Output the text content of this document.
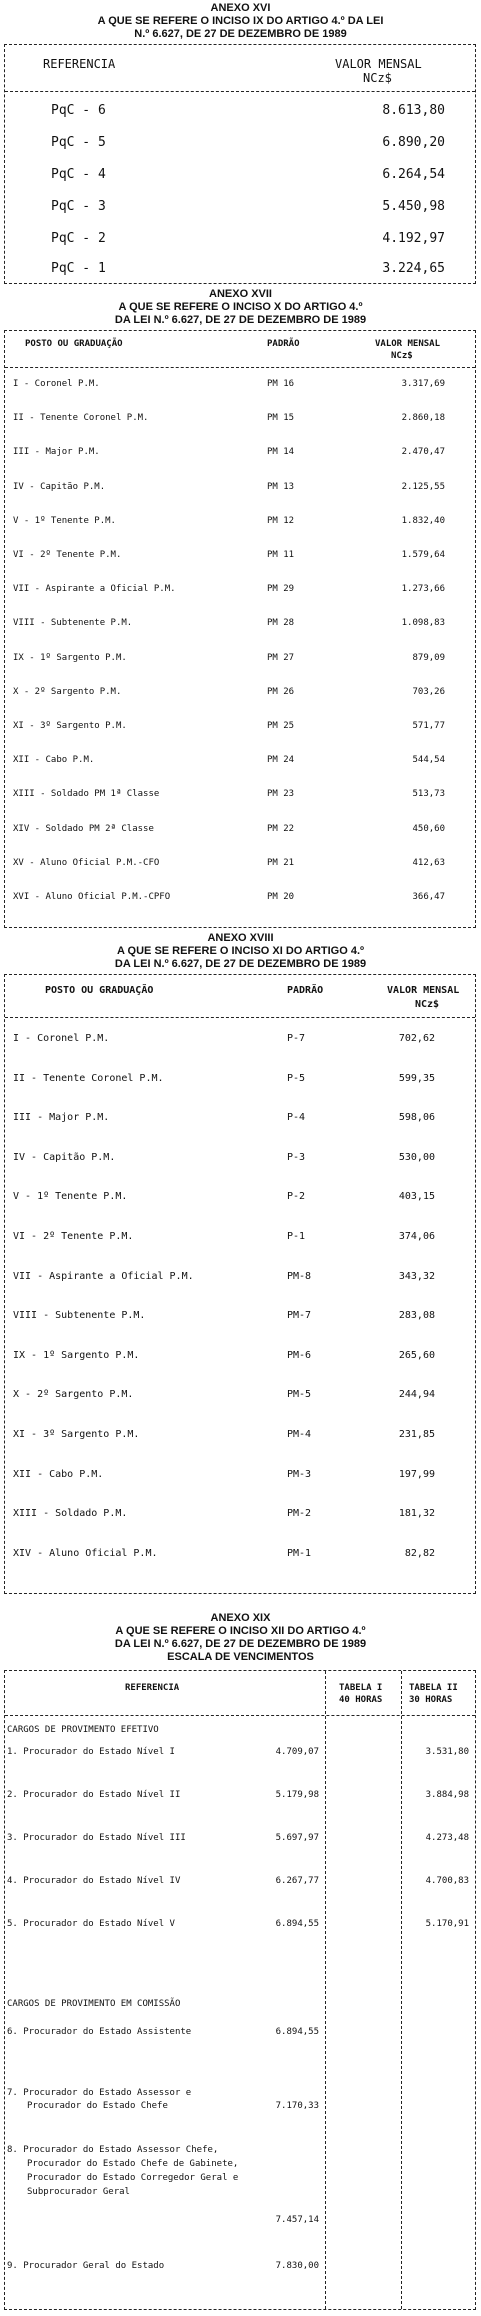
ANEXO XVI
A QUE SE REFERE O INCISO IX DO ARTIGO 4.º DA LEI
N.º 6.627, DE 27 DE DEZEMBRO DE 1989
REFERENCIA	VALOR MENSAL
NCz$
PqC - 6	8.613,80
PqC - 5	6.890,20
PqC - 4	6.264,54
PqC - 3	5.450,98
PqC - 2	4.192,97
PqC - 1	3.224,65
ANEXO XVII
A QUE SE REFERE O INCISO X DO ARTIGO 4.º
DA LEI N.º 6.627, DE 27 DE DEZEMBRO DE 1989
POSTO OU GRADUAÇÃO	PADRÃO	VALOR MENSAL
NCz$
I - Coronel P.M.	PM 16	3.317,69
II - Tenente Coronel P.M.	PM 15	2.860,18
III - Major P.M.	PM 14	2.470,47
IV - Capitão P.M.	PM 13	2.125,55
V - 1º Tenente P.M.	PM 12	1.832,40
VI - 2º Tenente P.M.	PM 11	1.579,64
VII - Aspirante a Oficial P.M.	PM 29	1.273,66
VIII - Subtenente P.M.	PM 28	1.098,83
IX - 1º Sargento P.M.	PM 27	879,09
X - 2º Sargento P.M.	PM 26	703,26
XI - 3º Sargento P.M.	PM 25	571,77
XII - Cabo P.M.	PM 24	544,54
XIII - Soldado PM 1ª Classe	PM 23	513,73
XIV - Soldado PM 2ª Classe	PM 22	450,60
XV - Aluno Oficial P.M.-CFO	PM 21	412,63
XVI - Aluno Oficial P.M.-CPFO	PM 20	366,47
ANEXO XVIII
A QUE SE REFERE O INCISO XI DO ARTIGO 4.º
DA LEI N.º 6.627, DE 27 DE DEZEMBRO DE 1989
POSTO OU GRADUAÇÃO	PADRÃO	VALOR MENSAL
NCz$
I - Coronel P.M.	P-7	702,62
II - Tenente Coronel P.M.	P-5	599,35
III - Major P.M.	P-4	598,06
IV - Capitão P.M.	P-3	530,00
V - 1º Tenente P.M.	P-2	403,15
VI - 2º Tenente P.M.	P-1	374,06
VII - Aspirante a Oficial P.M.	PM-8	343,32
VIII - Subtenente P.M.	PM-7	283,08
IX - 1º Sargento P.M.	PM-6	265,60
X - 2º Sargento P.M.	PM-5	244,94
XI - 3º Sargento P.M.	PM-4	231,85
XII - Cabo P.M.	PM-3	197,99
XIII - Soldado P.M.	PM-2	181,32
XIV - Aluno Oficial P.M.	PM-1	82,82
ANEXO XIX
A QUE SE REFERE O INCISO XII DO ARTIGO 4.º
DA LEI N.º 6.627, DE 27 DE DEZEMBRO DE 1989
ESCALA DE VENCIMENTOS
REFERENCIA	TABELA I	TABELA II
40 HORAS	30 HORAS
CARGOS DE PROVIMENTO EFETIVO
1. Procurador do Estado Nível I	4.709,07	3.531,80
2. Procurador do Estado Nível II	5.179,98	3.884,98
3. Procurador do Estado Nível III	5.697,97	4.273,48
4. Procurador do Estado Nível IV	6.267,77	4.700,83
5. Procurador do Estado Nível V	6.894,55	5.170,91
6. Procurador do Estado Assistente	6.894,55
CARGOS DE PROVIMENTO EM COMISSÃO
7. Procurador do Estado Assessor e
Procurador do Estado Chefe	7.170,33
8. Procurador do Estado Assessor Chefe,
Procurador do Estado Chefe de Gabinete,
Procurador do Estado Corregedor Geral e
Subprocurador Geral
7.457,14
9. Procurador Geral do Estado	7.830,00
